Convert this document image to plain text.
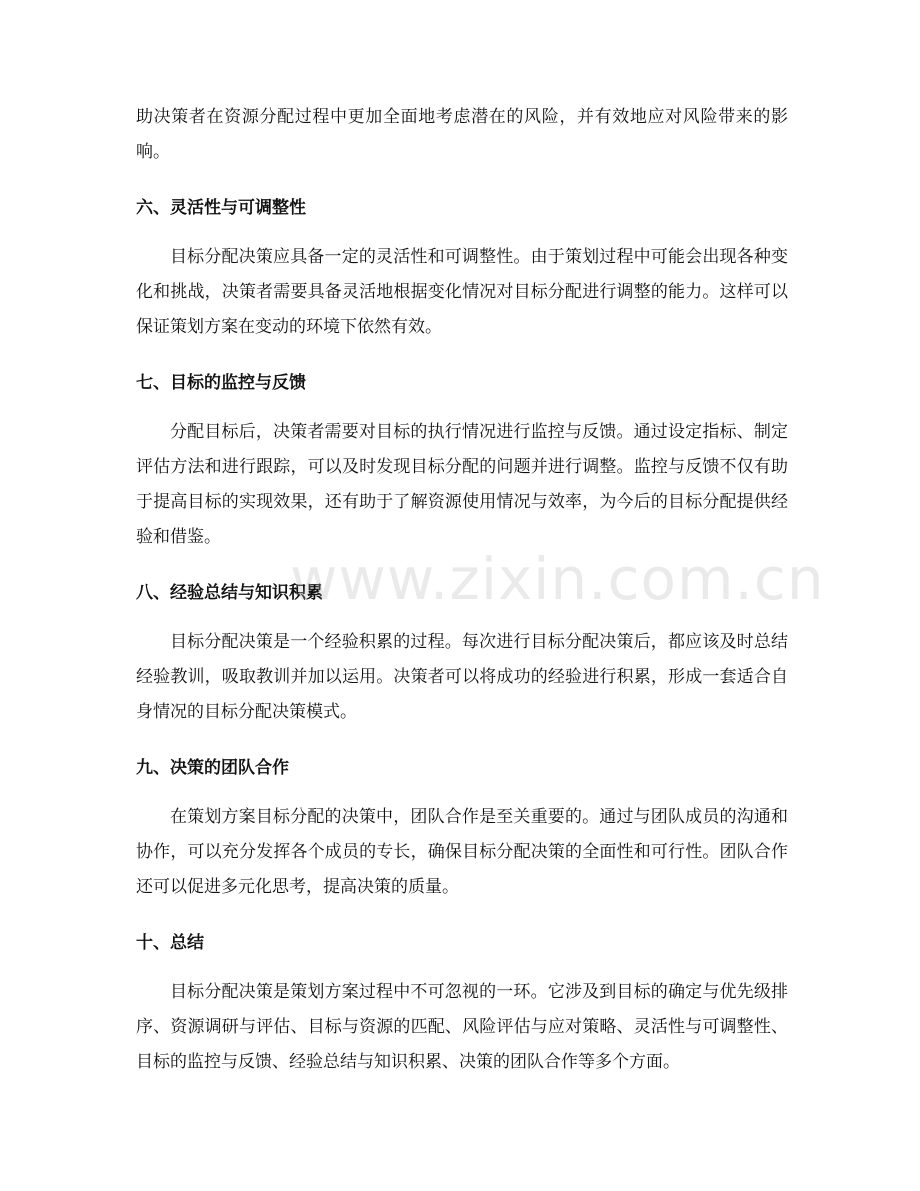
助决策者在资源分配过程中更加全面地考虑潜在的风险，并有效地应对风险带来的影响。

六、灵活性与可调整性

目标分配决策应具备一定的灵活性和可调整性。由于策划过程中可能会出现各种变化和挑战，决策者需要具备灵活地根据变化情况对目标分配进行调整的能力。这样可以保证策划方案在变动的环境下依然有效。

七、目标的监控与反馈

分配目标后，决策者需要对目标的执行情况进行监控与反馈。通过设定指标、制定评估方法和进行跟踪，可以及时发现目标分配的问题并进行调整。监控与反馈不仅有助于提高目标的实现效果，还有助于了解资源使用情况与效率，为今后的目标分配提供经验和借鉴。

八、经验总结与知识积累

目标分配决策是一个经验积累的过程。每次进行目标分配决策后，都应该及时总结经验教训，吸取教训并加以运用。决策者可以将成功的经验进行积累，形成一套适合自身情况的目标分配决策模式。

九、决策的团队合作

在策划方案目标分配的决策中，团队合作是至关重要的。通过与团队成员的沟通和协作，可以充分发挥各个成员的专长，确保目标分配决策的全面性和可行性。团队合作还可以促进多元化思考，提高决策的质量。

十、总结

目标分配决策是策划方案过程中不可忽视的一环。它涉及到目标的确定与优先级排序、资源调研与评估、目标与资源的匹配、风险评估与应对策略、灵活性与可调整性、目标的监控与反馈、经验总结与知识积累、决策的团队合作等多个方面。

www.zixin.com.cn
